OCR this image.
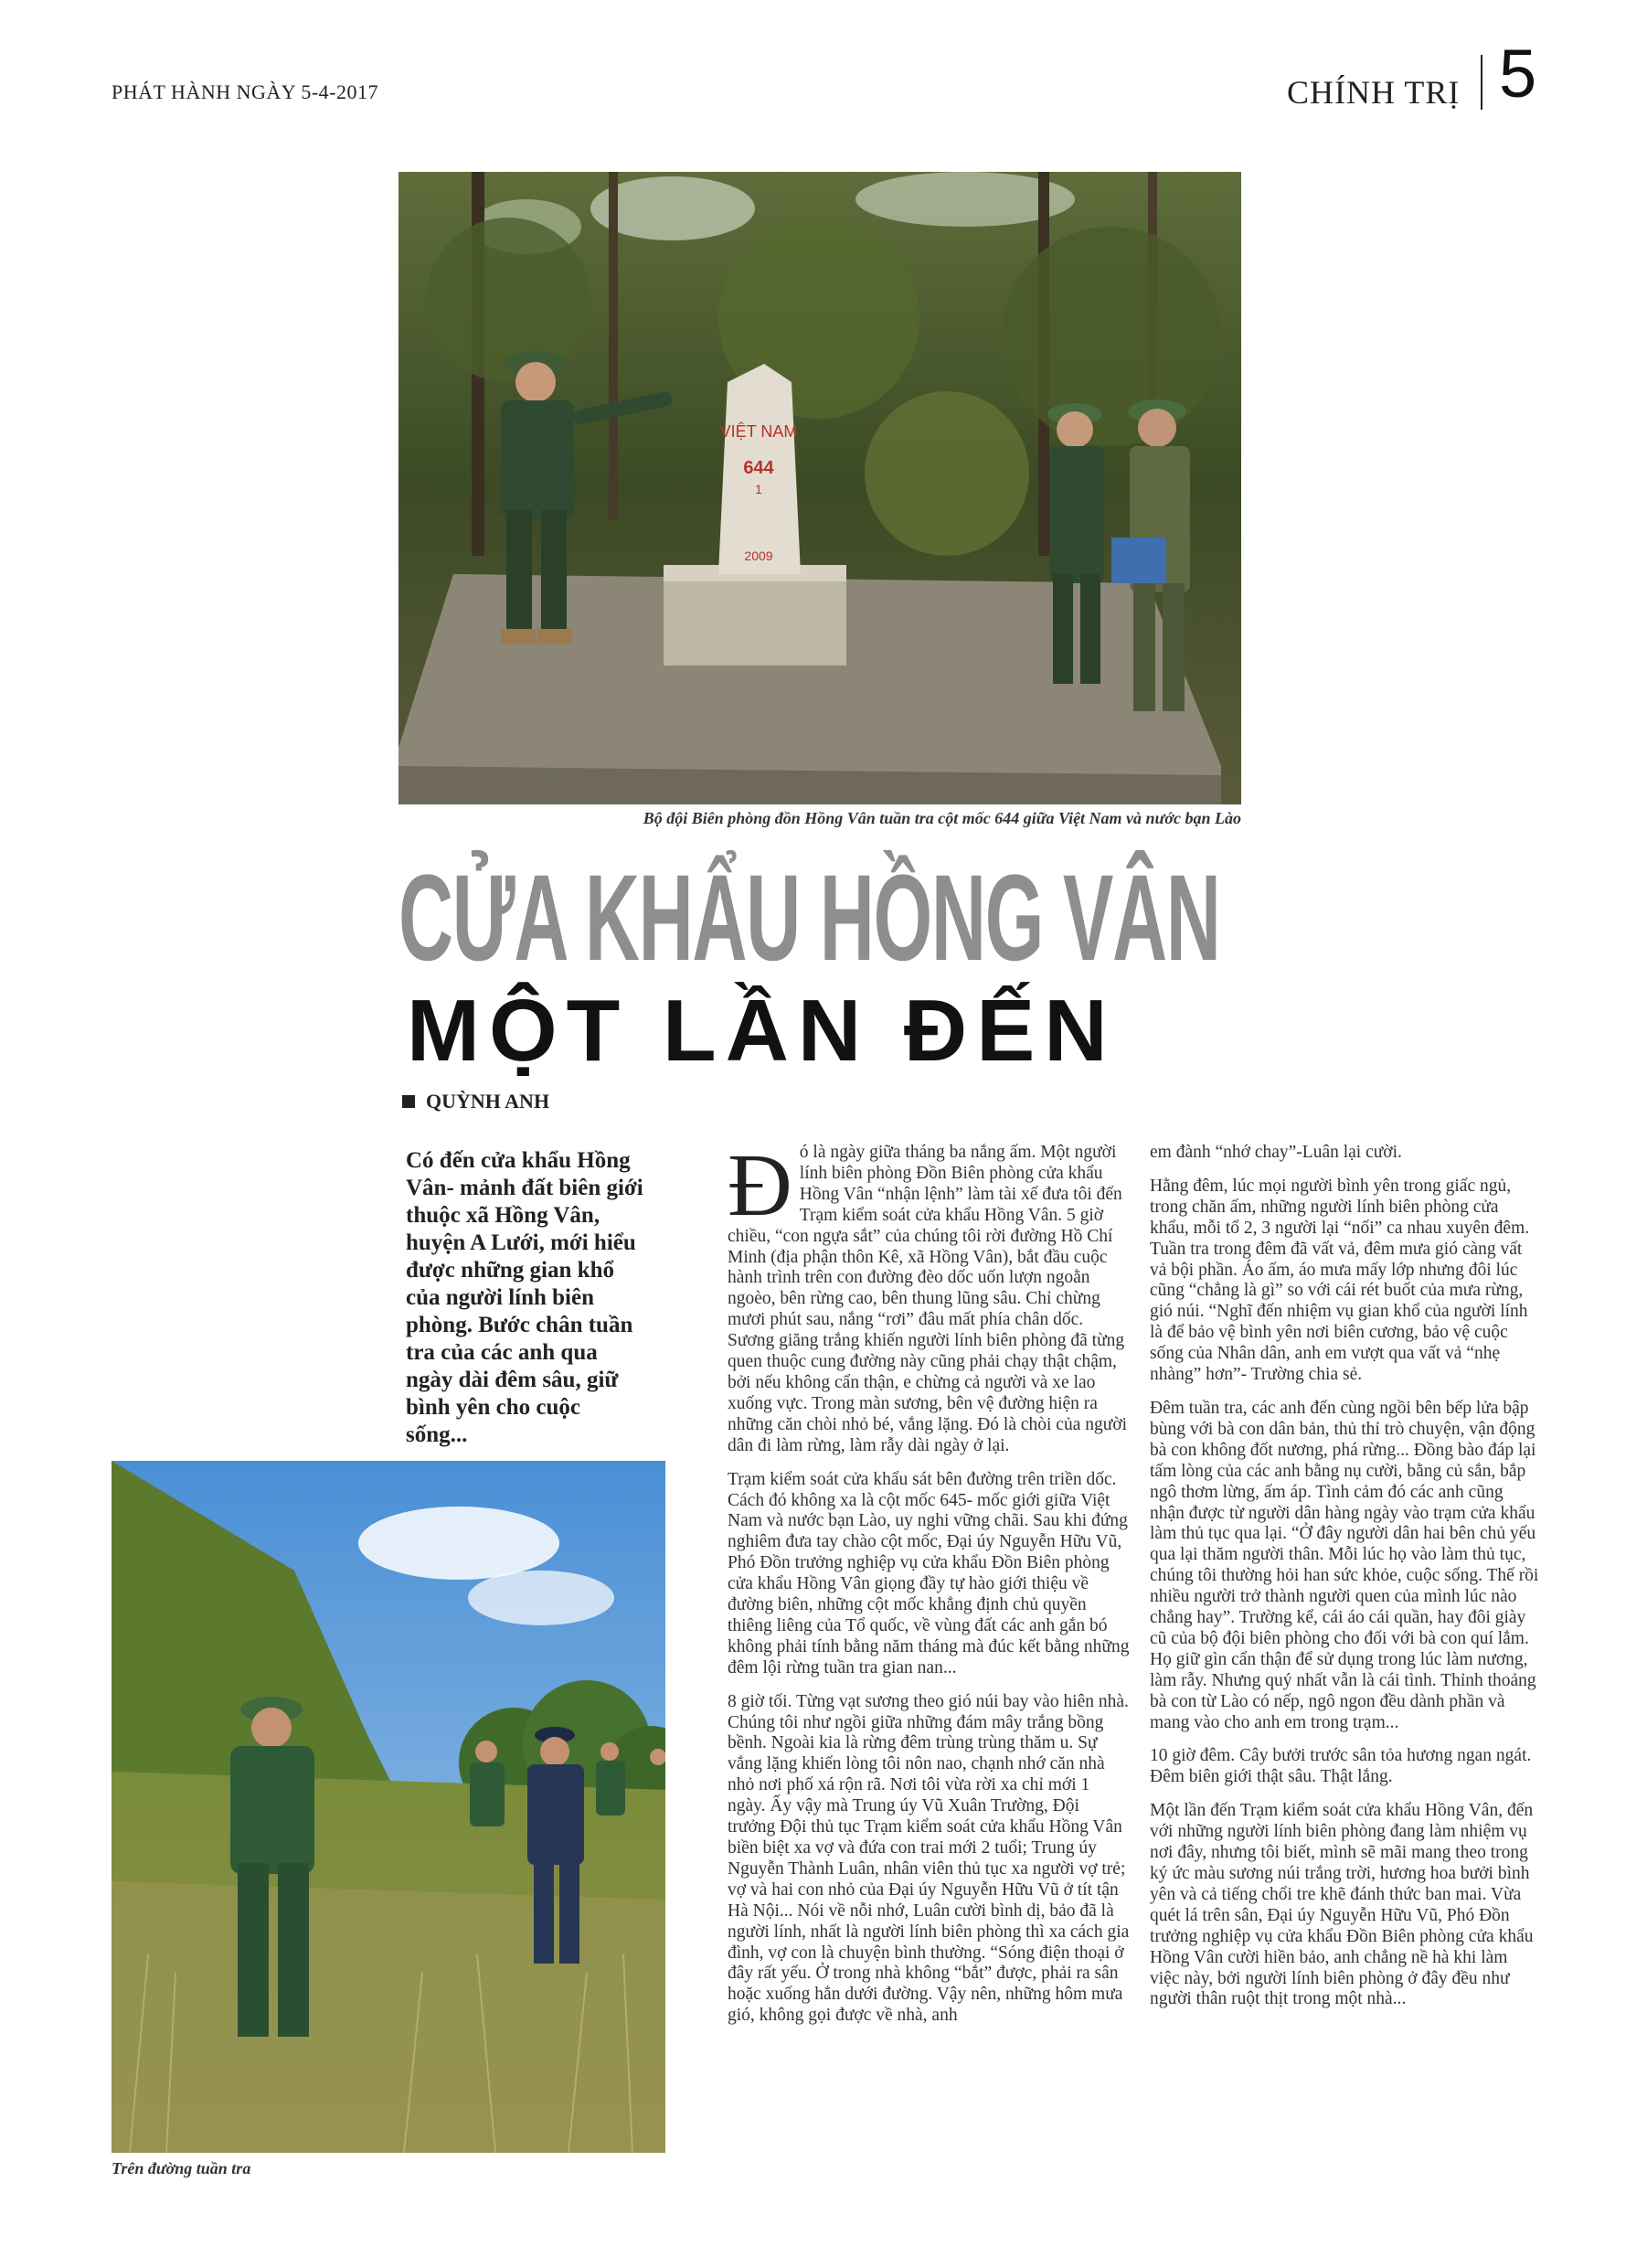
PHÁT HÀNH NGÀY 5-4-2017	CHÍNH TRỊ 5
VIỆT NAM
644
1
2009
Bộ đội Biên phòng đồn Hồng Vân tuần tra cột mốc 644 giữa Việt Nam và nước bạn Lào
CỬA KHẨU HỒNG VÂN
MỘT LẦN ĐẾN
QUỲNH ANH
Có đến cửa khẩu Hồng Vân- mảnh đất biên giới thuộc xã Hồng Vân, huyện A Lưới, mới hiểu được những gian khổ của người lính biên phòng. Bước chân tuần tra của các anh qua ngày dài đêm sâu, giữ bình yên cho cuộc sống...
Trên đường tuần tra

Đó là ngày giữa tháng ba nắng ấm. Một người lính biên phòng Đồn Biên phòng cửa khẩu Hồng Vân “nhận lệnh” làm tài xế đưa tôi đến Trạm kiểm soát cửa khẩu Hồng Vân. 5 giờ chiều, “con ngựa sắt” của chúng tôi rời đường Hồ Chí Minh (địa phận thôn Kê, xã Hồng Vân), bắt đầu cuộc hành trình trên con đường đèo dốc uốn lượn ngoằn ngoèo, bên rừng cao, bên thung lũng sâu. Chỉ chừng mươi phút sau, nắng “rơi” đâu mất phía chân dốc. Sương giăng trắng khiến người lính biên phòng đã từng quen thuộc cung đường này cũng phải chạy thật chậm, bởi nếu không cẩn thận, e chừng cả người và xe lao xuống vực. Trong màn sương, bên vệ đường hiện ra những căn chòi nhỏ bé, vắng lặng. Đó là chòi của người dân đi làm rừng, làm rẫy dài ngày ở lại.

Trạm kiểm soát cửa khẩu sát bên đường trên triền dốc. Cách đó không xa là cột mốc 645- mốc giới giữa Việt Nam và nước bạn Lào, uy nghi vững chãi. Sau khi đứng nghiêm đưa tay chào cột mốc, Đại úy Nguyễn Hữu Vũ, Phó Đồn trưởng nghiệp vụ cửa khẩu Đồn Biên phòng cửa khẩu Hồng Vân giọng đầy tự hào giới thiệu về đường biên, những cột mốc khẳng định chủ quyền thiêng liêng của Tổ quốc, về vùng đất các anh gắn bó không phải tính bằng năm tháng mà đúc kết bằng những đêm lội rừng tuần tra gian nan...

8 giờ tối. Từng vạt sương theo gió núi bay vào hiên nhà. Chúng tôi như ngồi giữa những đám mây trắng bồng bềnh. Ngoài kia là rừng đêm trùng trùng thăm u. Sự vắng lặng khiến lòng tôi nôn nao, chạnh nhớ căn nhà nhỏ nơi phố xá rộn rã. Nơi tôi vừa rời xa chỉ mới 1 ngày. Ấy vậy mà Trung úy Vũ Xuân Trường, Đội trưởng Đội thủ tục Trạm kiểm soát cửa khẩu Hồng Vân biền biệt xa vợ và đứa con trai mới 2 tuổi; Trung úy Nguyễn Thành Luân, nhân viên thủ tục xa người vợ trẻ; vợ và hai con nhỏ của Đại úy Nguyễn Hữu Vũ ở tít tận Hà Nội... Nói về nỗi nhớ, Luân cười bình dị, bảo đã là người lính, nhất là người lính biên phòng thì xa cách gia đình, vợ con là chuyện bình thường. “Sóng điện thoại ở đây rất yếu. Ở trong nhà không “bắt” được, phải ra sân hoặc xuống hẳn dưới đường. Vậy nên, những hôm mưa gió, không gọi được về nhà, anh

em đành “nhớ chay”-Luân lại cười.

Hằng đêm, lúc mọi người bình yên trong giấc ngủ, trong chăn ấm, những người lính biên phòng cửa khẩu, mỗi tổ 2, 3 người lại “nối” ca nhau xuyên đêm. Tuần tra trong đêm đã vất vả, đêm mưa gió càng vất vả bội phần. Áo ấm, áo mưa mấy lớp nhưng đôi lúc cũng “chẳng là gì” so với cái rét buốt của mưa rừng, gió núi. “Nghĩ đến nhiệm vụ gian khổ của người lính là để bảo vệ bình yên nơi biên cương, bảo vệ cuộc sống của Nhân dân, anh em vượt qua vất vả “nhẹ nhàng” hơn”- Trường chia sẻ.

Đêm tuần tra, các anh đến cùng ngồi bên bếp lửa bập bùng với bà con dân bản, thủ thỉ trò chuyện, vận động bà con không đốt nương, phá rừng... Đồng bào đáp lại tấm lòng của các anh bằng nụ cười, bằng củ sắn, bắp ngô thơm lừng, ấm áp. Tình cảm đó các anh cũng nhận được từ người dân hàng ngày vào trạm cửa khẩu làm thủ tục qua lại. “Ở đây người dân hai bên chủ yếu qua lại thăm người thân. Mỗi lúc họ vào làm thủ tục, chúng tôi thường hỏi han sức khỏe, cuộc sống. Thế rồi nhiều người trở thành người quen của mình lúc nào chẳng hay”. Trường kể, cái áo cái quần, hay đôi giày cũ của bộ đội biên phòng cho đối với bà con quí lắm. Họ giữ gìn cẩn thận để sử dụng trong lúc làm nương, làm rẫy. Nhưng quý nhất vẫn là cái tình. Thỉnh thoảng bà con từ Lào có nếp, ngô ngon đều dành phần và mang vào cho anh em trong trạm...

10 giờ đêm. Cây bưởi trước sân tỏa hương ngan ngát. Đêm biên giới thật sâu. Thật lắng.

Một lần đến Trạm kiểm soát cửa khẩu Hồng Vân, đến với những người lính biên phòng đang làm nhiệm vụ nơi đây, nhưng tôi biết, mình sẽ mãi mang theo trong ký ức màu sương núi trắng trời, hương hoa bưởi bình yên và cả tiếng chổi tre khẽ đánh thức ban mai. Vừa quét lá trên sân, Đại úy Nguyễn Hữu Vũ, Phó Đồn trưởng nghiệp vụ cửa khẩu Đồn Biên phòng cửa khẩu Hồng Vân cười hiền bảo, anh chẳng nề hà khi làm việc này, bởi người lính biên phòng ở đây đều như người thân ruột thịt trong một nhà...
